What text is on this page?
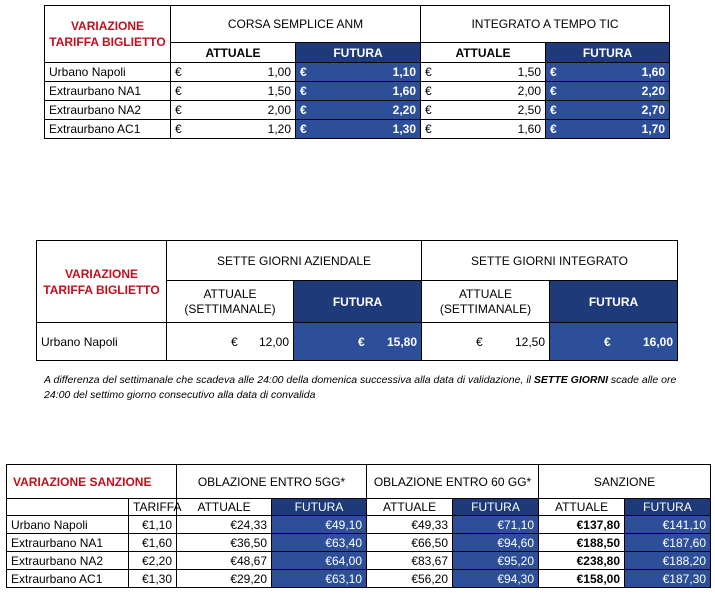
VARIAZIONE TARIFFA BIGLIETTO	CORSA SEMPLICE ANM		INTEGRATO A TEMPO TIC	
	ATTUALE	FUTURA	ATTUALE	FUTURA
Urbano Napoli	€ 1,00	€ 1,10	€ 1,50	€ 1,60

Extraurbano NA1	€ 1,50	€ 1,60	€ 2,00	€ 2,20

Extraurbano NA2	€ 2,00	€ 2,20	€ 2,50	€ 2,70

Extraurbano AC1	€ 1,20	€ 1,30	€ 1,60	€ 1,70
VARIAZIONE TARIFFA BIGLIETTO	SETTE GIORNI AZIENDALE		SETTE GIORNI INTEGRATO	
	ATTUALE (SETTIMANALE)	FUTURA	ATTUALE (SETTIMANALE)	FUTURA
Urbano Napoli	€ 12,00	€ 15,80	€ 12,50	€ 16,00
A differenza del settimanale che scadeva alle 24:00 della domenica successiva alla data di validazione, il SETTE GIORNI scade alle ore 24:00 del settimo giorno consecutivo alla data di convalida
VARIAZIONE SANZIONE		OBLAZIONE ENTRO 5GG*		OBLAZIONE ENTRO 60 GG*		SANZIONE	
	TARIFFA	ATTUALE	FUTURA	ATTUALE	FUTURA	ATTUALE	FUTURA
Urbano Napoli	€1,10	€24,33	€49,10	€49,33	€71,10	€137,80	€141,10
Extraurbano NA1	€1,60	€36,50	€63,40	€66,50	€94,60	€188,50	€187,60
Extraurbano NA2	€2,20	€48,67	€64,00	€83,67	€95,20	€238,80	€188,20
Extraurbano AC1	€1,30	€29,20	€63,10	€56,20	€94,30	€158,00	€187,30
